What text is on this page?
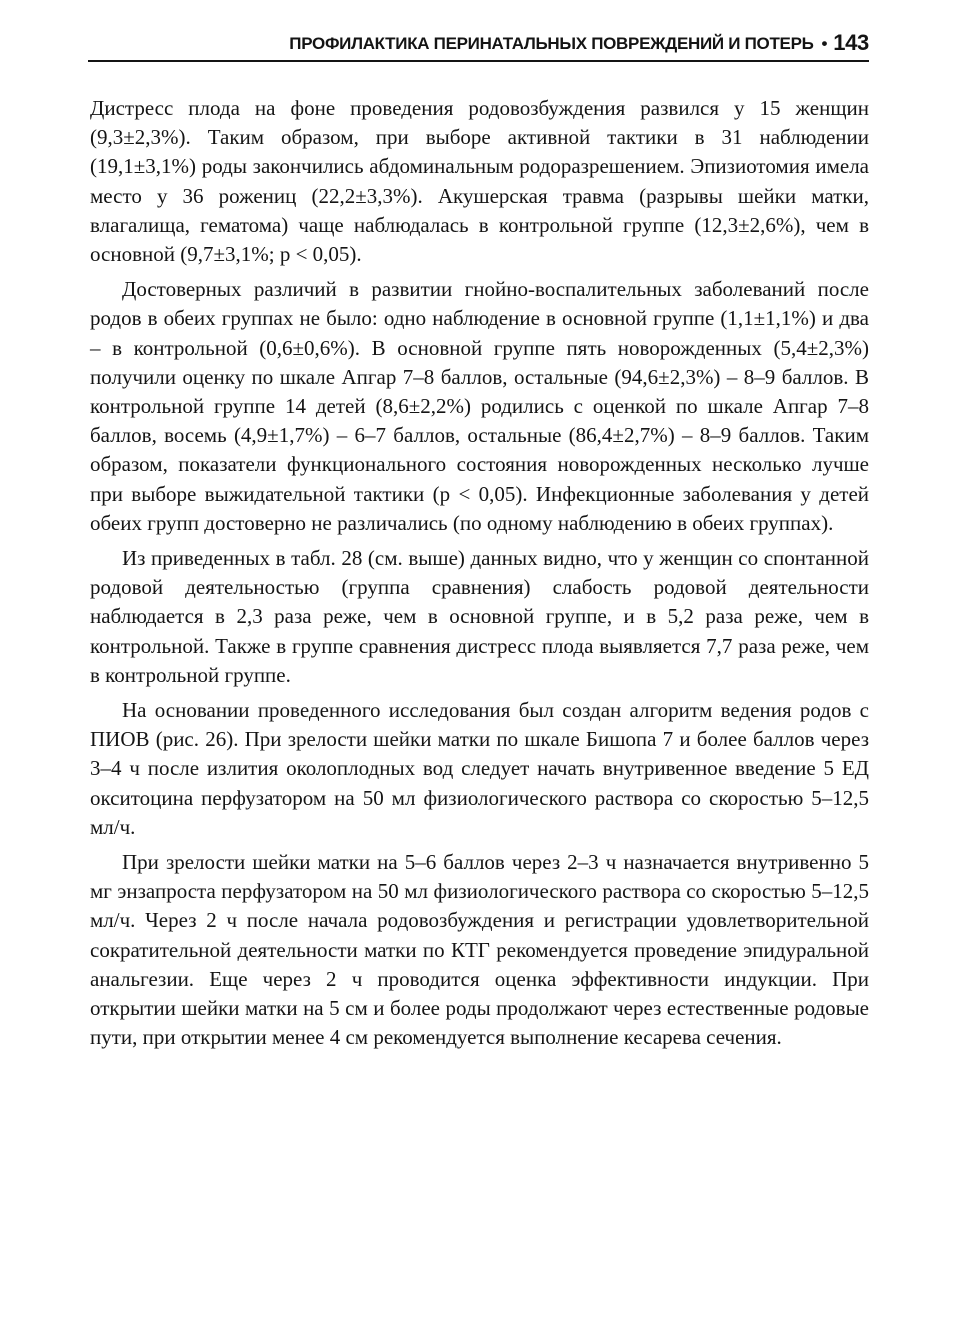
ПРОФИЛАКТИКА ПЕРИНАТАЛЬНЫХ ПОВРЕЖДЕНИЙ И ПОТЕРЬ • 143

Дистресс плода на фоне проведения родовозбуждения развился у 15 женщин (9,3±2,3%). Таким образом, при выборе активной тактики в 31 наблюдении (19,1±3,1%) роды закончились абдоминальным родоразрешением. Эпизиотомия имела место у 36 рожениц (22,2±3,3%). Акушерская травма (разрывы шейки матки, влагалища, гематома) чаще наблюдалась в контрольной группе (12,3±2,6%), чем в основной (9,7±3,1%; p < 0,05).

Достоверных различий в развитии гнойно-воспалительных заболеваний после родов в обеих группах не было: одно наблюдение в основной группе (1,1±1,1%) и два – в контрольной (0,6±0,6%). В основной группе пять новорожденных (5,4±2,3%) получили оценку по шкале Апгар 7–8 баллов, остальные (94,6±2,3%) – 8–9 баллов. В контрольной группе 14 детей (8,6±2,2%) родились с оценкой по шкале Апгар 7–8 баллов, восемь (4,9±1,7%) – 6–7 баллов, остальные (86,4±2,7%) – 8–9 баллов. Таким образом, показатели функционального состояния новорожденных несколько лучше при выборе выжидательной тактики (р < 0,05). Инфекционные заболевания у детей обеих групп достоверно не различались (по одному наблюдению в обеих группах).

Из приведенных в табл. 28 (см. выше) данных видно, что у женщин со спонтанной родовой деятельностью (группа сравнения) слабость родовой деятельности наблюдается в 2,3 раза реже, чем в основной группе, и в 5,2 раза реже, чем в контрольной. Также в группе сравнения дистресс плода выявляется 7,7 раза реже, чем в контрольной группе.

На основании проведенного исследования был создан алгоритм ведения родов с ПИОВ (рис. 26). При зрелости шейки матки по шкале Бишопа 7 и более баллов через 3–4 ч после излития околоплодных вод следует начать внутривенное введение 5 ЕД окситоцина перфузатором на 50 мл физиологического раствора со скоростью 5–12,5 мл/ч.

При зрелости шейки матки на 5–6 баллов через 2–3 ч назначается внутривенно 5 мг энзапроста перфузатором на 50 мл физиологического раствора со скоростью 5–12,5 мл/ч. Через 2 ч после начала родовозбуждения и регистрации удовлетворительной сократительной деятельности матки по КТГ рекомендуется проведение эпидуральной анальгезии. Еще через 2 ч проводится оценка эффективности индукции. При открытии шейки матки на 5 см и более роды продолжают через естественные родовые пути, при открытии менее 4 см рекомендуется выполнение кесарева сечения.
